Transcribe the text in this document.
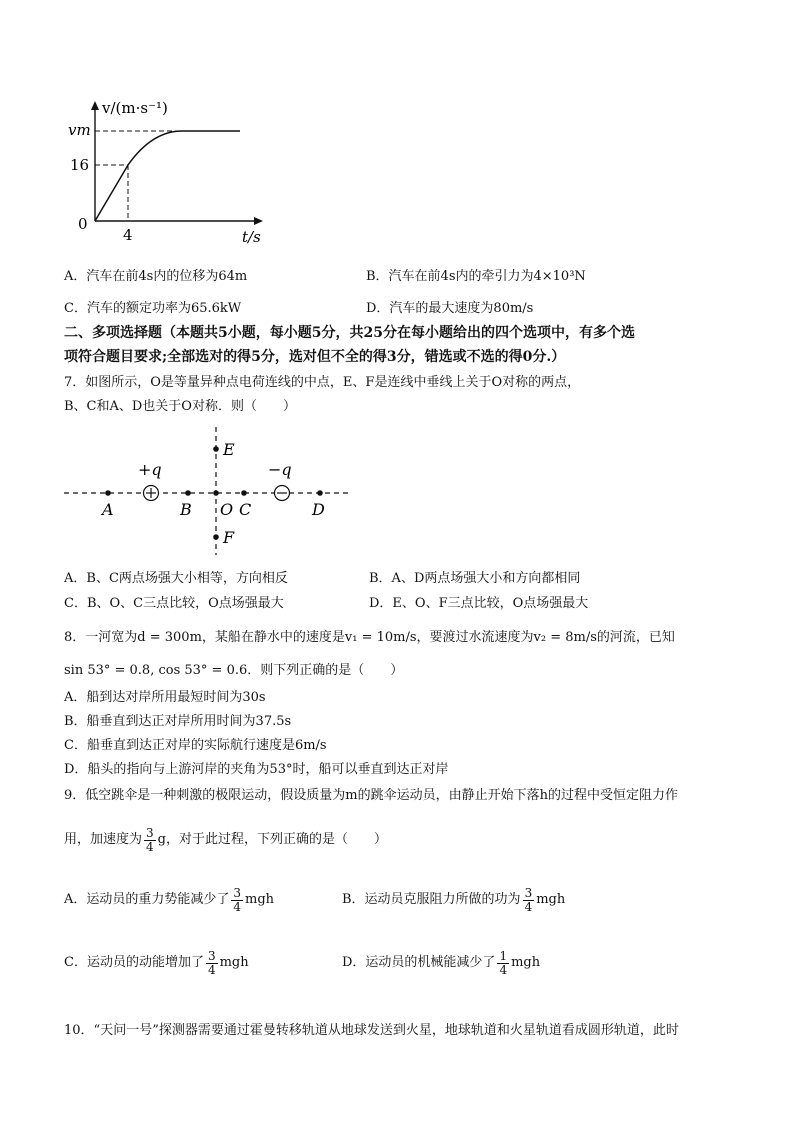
v/(m·s⁻¹)
vm
16
0
4	t/s
A．汽车在前4s内的位移为64m	B．汽车在前4s内的牵引力为4×10³N
C．汽车的额定功率为65.6kW	D．汽车的最大速度为80m/s
二、多项选择题（本题共5小题，每小题5分，共25分在每小题给出的四个选项中，有多个选
项符合题目要求;全部选对的得5分，选对但不全的得3分，错选或不选的得0分.）
7．如图所示，O是等量异种点电荷连线的中点，E、F是连线中垂线上关于O对称的两点，
B、C和A、D也关于O对称．则（　　）
E
+q	−q
A	B O C	D
F
A．B、C两点场强大小相等，方向相反	B．A、D两点场强大小和方向都相同
C．B、O、C三点比较，O点场强最大	D．E、O、F三点比较，O点场强最大
8．一河宽为d = 300m，某船在静水中的速度是v₁ = 10m/s，要渡过水流速度为v₂ = 8m/s的河流，已知
sin 53° = 0.8, cos 53° = 0.6．则下列正确的是（　　）
A．船到达对岸所用最短时间为30s
B．船垂直到达正对岸所用时间为37.5s
C．船垂直到达正对岸的实际航行速度是6m/s
D．船头的指向与上游河岸的夹角为53°时，船可以垂直到达正对岸
9．低空跳伞是一种刺激的极限运动，假设质量为m的跳伞运动员，由静止开始下落h的过程中受恒定阻力作
用，加速度为 $\frac{3}{4}$ g，对于此过程，下列正确的是（　　）
A．运动员的重力势能减少了 $\frac{3}{4}$ mgh	B．运动员克服阻力所做的功为 $\frac{3}{4}$ mgh
C．运动员的动能增加了 $\frac{3}{4}$ mgh	D．运动员的机械能减少了 $\frac{1}{4}$ mgh
10．“天问一号”探测器需要通过霍曼转移轨道从地球发送到火星，地球轨道和火星轨道看成圆形轨道，此时
